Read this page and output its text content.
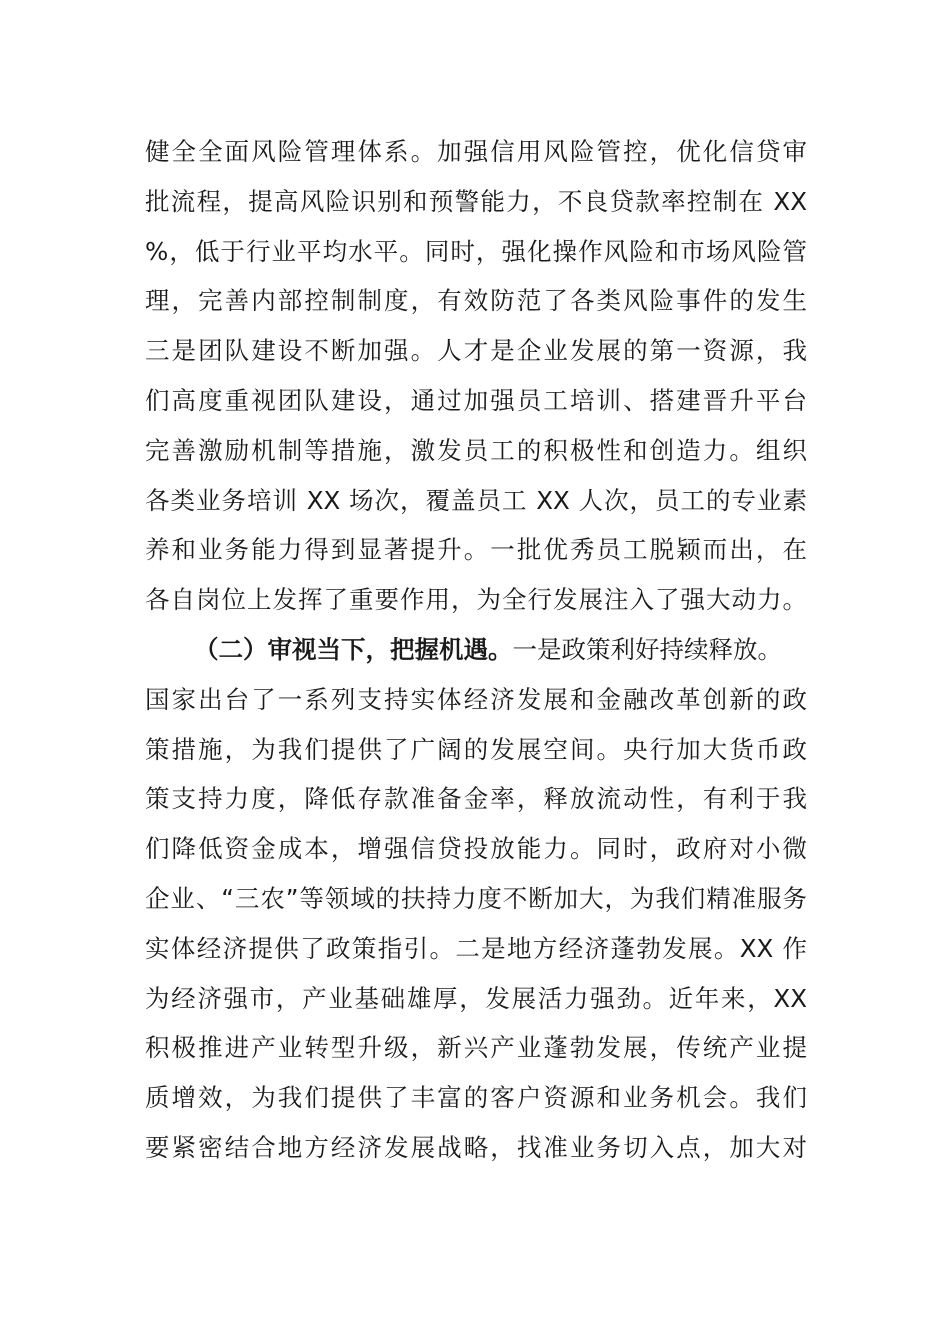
健全全面风险管理体系。加强信用风险管控，优化信贷审
批流程，提高风险识别和预警能力，不良贷款率控制在 XX
%，低于行业平均水平。同时，强化操作风险和市场风险管
理，完善内部控制制度，有效防范了各类风险事件的发生
三是团队建设不断加强。人才是企业发展的第一资源，我
们高度重视团队建设，通过加强员工培训、搭建晋升平台
完善激励机制等措施，激发员工的积极性和创造力。组织
各类业务培训 XX 场次，覆盖员工 XX 人次，员工的专业素
养和业务能力得到显著提升。一批优秀员工脱颖而出，在
各自岗位上发挥了重要作用，为全行发展注入了强大动力。
（二）审视当下，把握机遇。一是政策利好持续释放。
国家出台了一系列支持实体经济发展和金融改革创新的政
策措施，为我们提供了广阔的发展空间。央行加大货币政
策支持力度，降低存款准备金率，释放流动性，有利于我
们降低资金成本，增强信贷投放能力。同时，政府对小微
企业、“三农”等领域的扶持力度不断加大，为我们精准服务
实体经济提供了政策指引。二是地方经济蓬勃发展。XX 作
为经济强市，产业基础雄厚，发展活力强劲。近年来，XX
积极推进产业转型升级，新兴产业蓬勃发展，传统产业提
质增效，为我们提供了丰富的客户资源和业务机会。我们
要紧密结合地方经济发展战略，找准业务切入点，加大对
